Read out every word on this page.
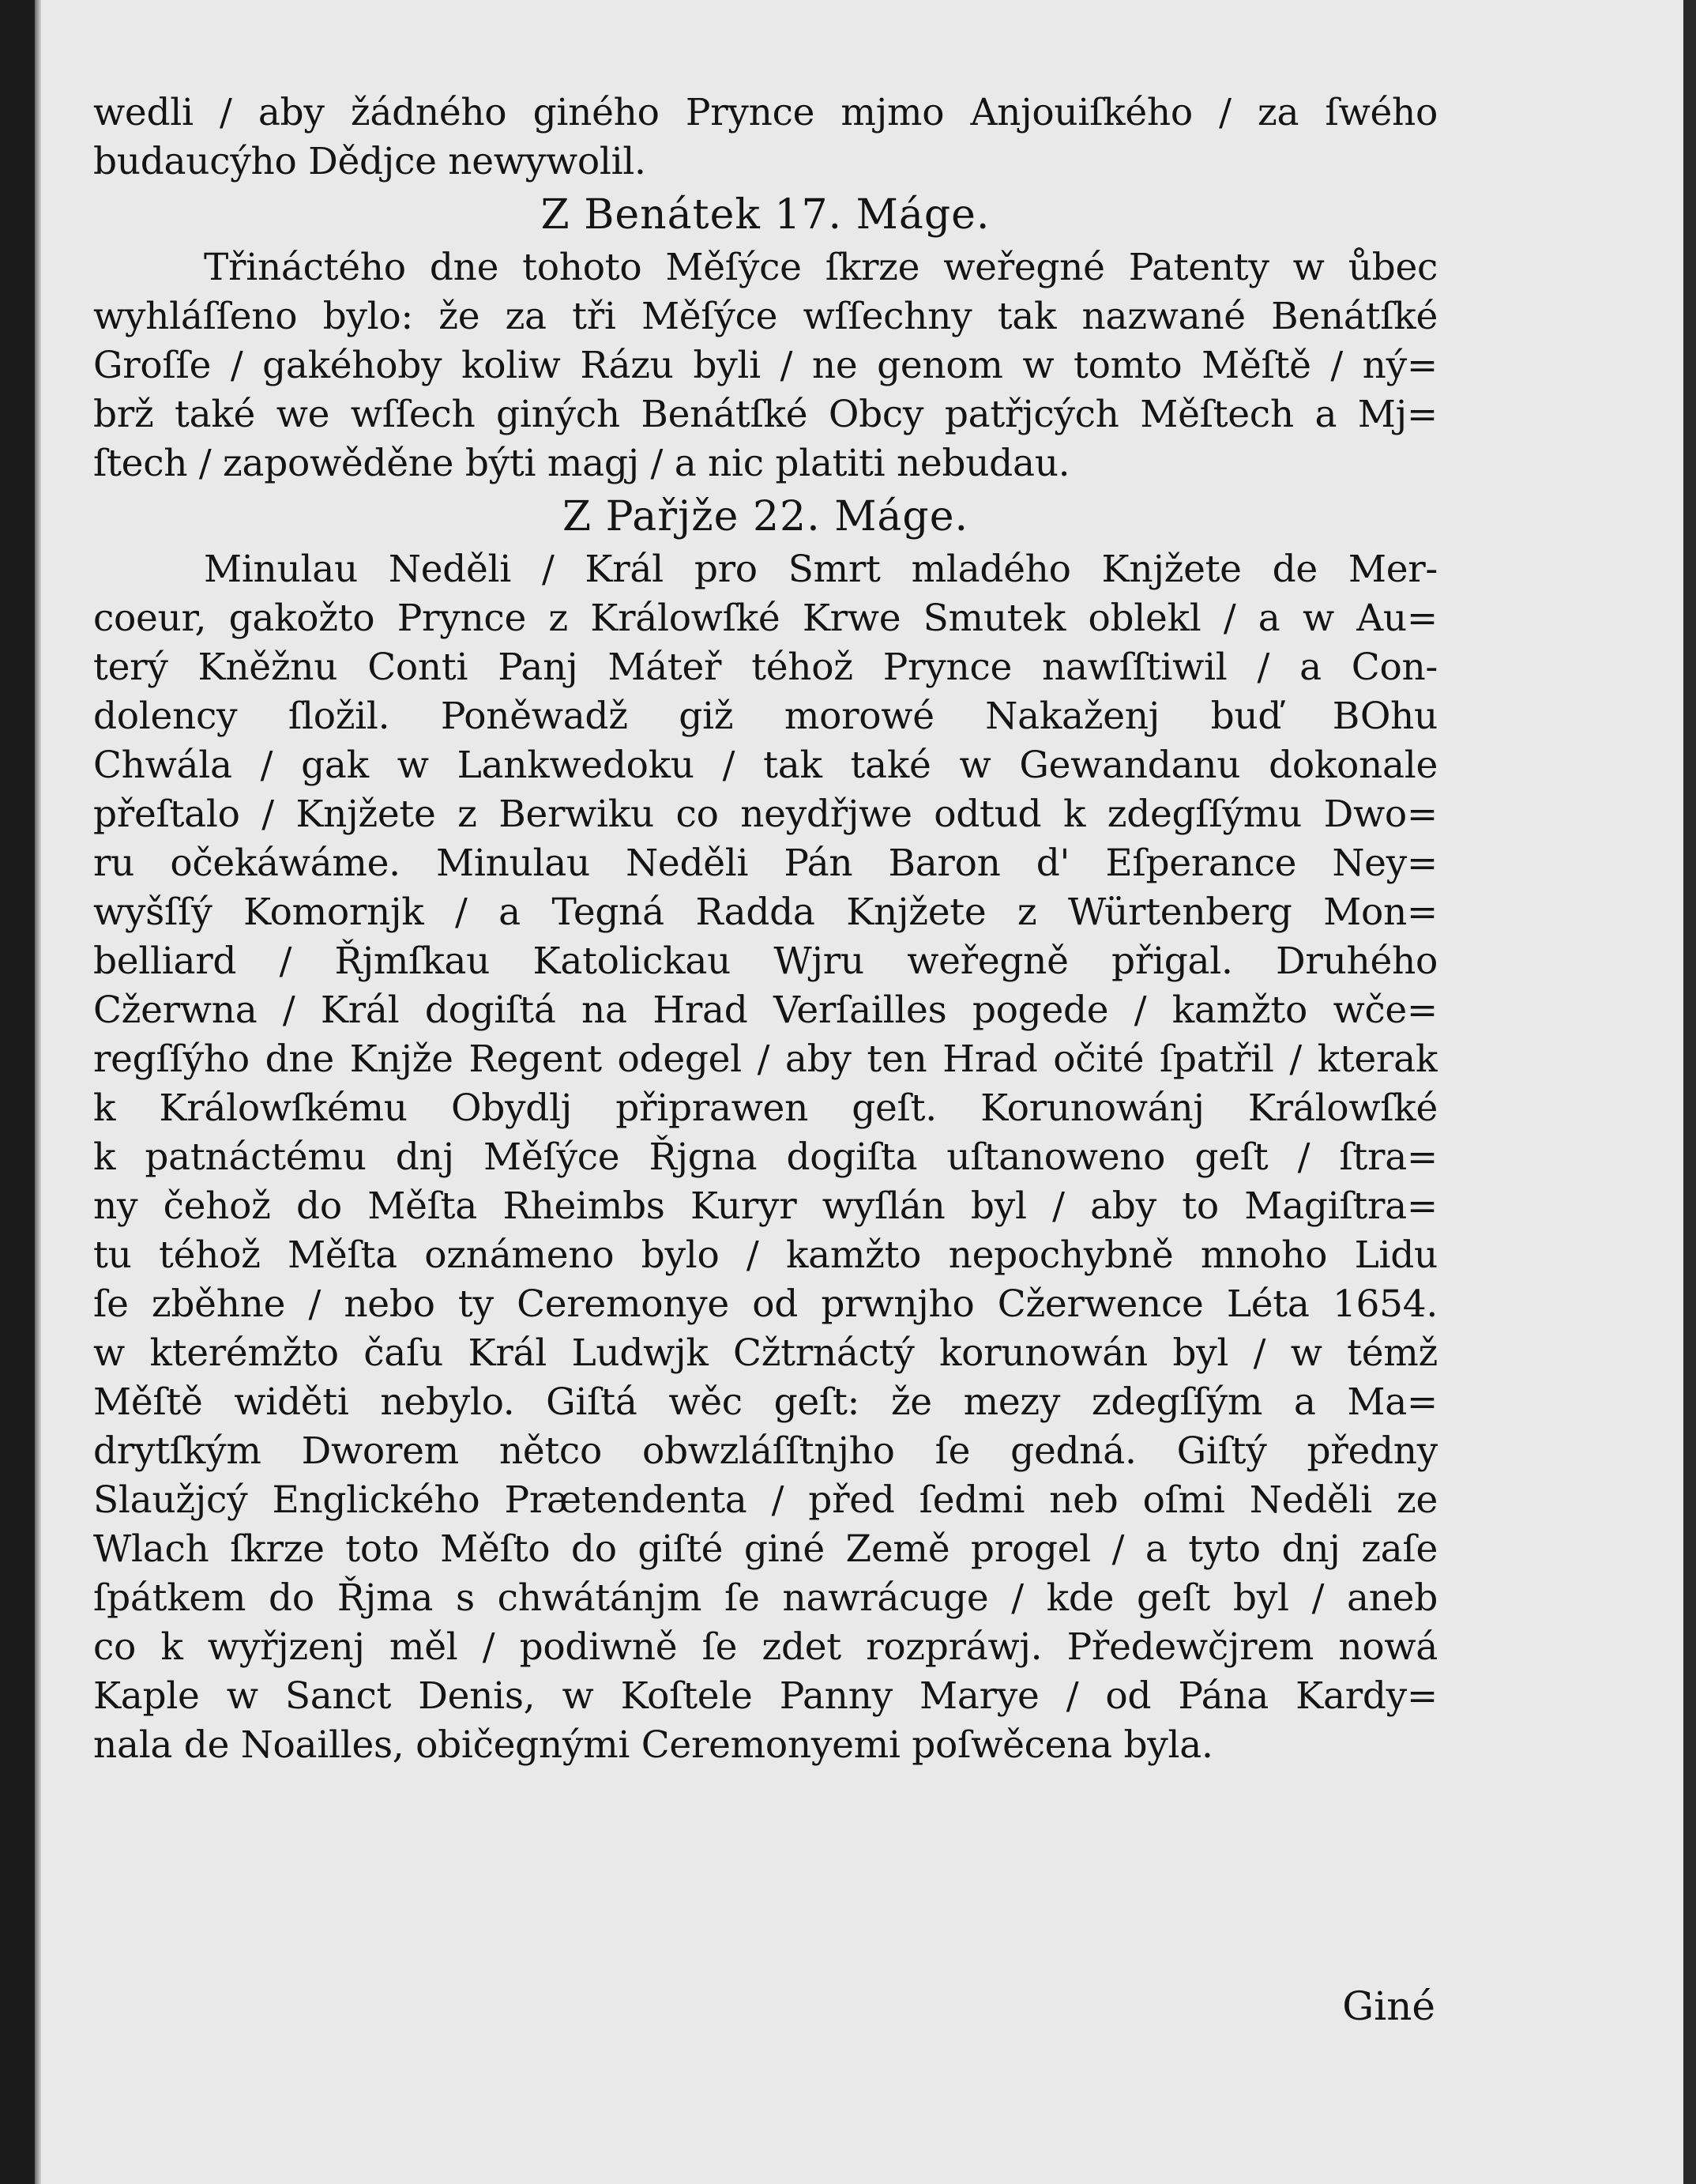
wedli / aby žádného giného Prynce mjmo Anjouiſkého / za ſwého
budaucýho Dědjce newywolil.
Z Benátek 17. Máge.
Třináctého dne tohoto Měſýce ſkrze weřegné Patenty w ůbec
wyhláſſeno bylo: že za tři Měſýce wſſechny tak nazwané Benátſké
Groſſe / gakéhoby koliw Rázu byli / ne genom w tomto Měſtě / ný=
brž také we wſſech giných Benátſké Obcy patřjcých Měſtech a Mj=
ſtech / zapowěděne býti magj / a nic platiti nebudau.
Z Pařjže 22. Máge.
Minulau Neděli / Král pro Smrt mladého Knjžete de Mer-
coeur, gakožto Prynce z Králowſké Krwe Smutek oblekl / a w Au=
terý Kněžnu Conti Panj Máteř téhož Prynce nawſſtiwil / a Con-
dolency ſložil. Poněwadž giž morowé Nakaženj buď BOhu
Chwála / gak w Lankwedoku / tak také w Gewandanu dokonale
přeſtalo / Knjžete z Berwiku co neydřjwe odtud k zdegſſýmu Dwo=
ru očekáwáme. Minulau Neděli Pán Baron d' Eſperance Ney=
wyšſſý Komornjk / a Tegná Radda Knjžete z Würtenberg Mon=
belliard / Řjmſkau Katolickau Wjru weřegně přigal. Druhého
Cžerwna / Král dogiſtá na Hrad Verſailles pogede / kamžto wče=
regſſýho dne Knjže Regent odegel / aby ten Hrad očité ſpatřil / kterak
k Králowſkému Obydlj připrawen geſt. Korunowánj Králowſké
k patnáctému dnj Měſýce Řjgna dogiſta uſtanoweno geſt / ſtra=
ny čehož do Měſta Rheimbs Kuryr wyſlán byl / aby to Magiſtra=
tu téhož Měſta oznámeno bylo / kamžto nepochybně mnoho Lidu
ſe zběhne / nebo ty Ceremonye od prwnjho Cžerwence Léta 1654.
w kterémžto čaſu Král Ludwjk Cžtrnáctý korunowán byl / w témž
Měſtě widěti nebylo. Giſtá wěc geſt: že mezy zdegſſým a Ma=
drytſkým Dworem nětco obwzláſſtnjho ſe gedná. Giſtý předny
Slaužjcý Englického Prætendenta / před ſedmi neb oſmi Neděli ze
Wlach ſkrze toto Měſto do giſté giné Země progel / a tyto dnj zaſe
ſpátkem do Řjma s chwátánjm ſe nawrácuge / kde geſt byl / aneb
co k wyřjzenj měl / podiwně ſe zdet rozpráwj. Předewčjrem nowá
Kaple w Sanct Denis, w Koſtele Panny Marye / od Pána Kardy=
nala de Noailles, običegnými Ceremonyemi poſwěcena byla.
Giné
